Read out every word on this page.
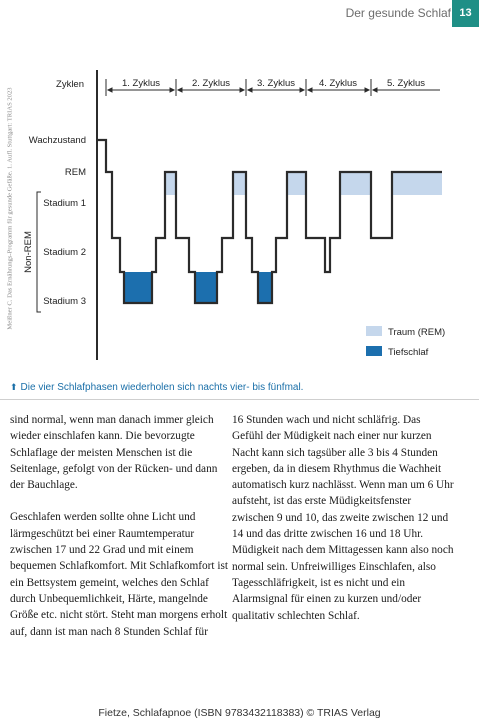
Der gesunde Schlaf 13
Meißner C. Das Ernährungs-Programm für gesunde Gefäße. 1. Aufl. Stuttgart: TRIAS 2023
Zyklen	1. Zyklus	2. Zyklus	3. Zyklus	4. Zyklus	5. Zyklus
Wachzustand
REM
Stadium 1
Stadium 2
Stadium 3
Non-REM
Traum (REM)
Tiefschlaf
⬆ Die vier Schlafphasen wiederholen sich nachts vier- bis fünfmal.

sind normal, wenn man danach immer gleich wieder einschlafen kann. Die bevorzugte Schlaflage der meisten Menschen ist die Seitenlage, gefolgt von der Rücken- und dann der Bauchlage.

Geschlafen werden sollte ohne Licht und lärmgeschützt bei einer Raumtemperatur zwischen 17 und 22 Grad und mit einem bequemen Schlafkomfort. Mit Schlafkomfort ist ein Bettsystem gemeint, welches den Schlaf durch Unbequemlichkeit, Härte, mangelnde Größe etc. nicht stört. Steht man morgens erholt auf, dann ist man nach 8 Stunden Schlaf für

16 Stunden wach und nicht schläfrig. Das Gefühl der Müdigkeit nach einer nur kurzen Nacht kann sich tagsüber alle 3 bis 4 Stunden ergeben, da in diesem Rhythmus die Wachheit automatisch kurz nachlässt. Wenn man um 6 Uhr aufsteht, ist das erste Müdigkeitsfenster zwischen 9 und 10, das zweite zwischen 12 und 14 und das dritte zwischen 16 und 18 Uhr. Müdigkeit nach dem Mittagessen kann also noch normal sein. Unfreiwilliges Einschlafen, also Tagesschläfrigkeit, ist es nicht und ein Alarmsignal für einen zu kurzen und/oder qualitativ schlechten Schlaf.

Fietze, Schlafapnoe (ISBN 9783432118383) © TRIAS Verlag
